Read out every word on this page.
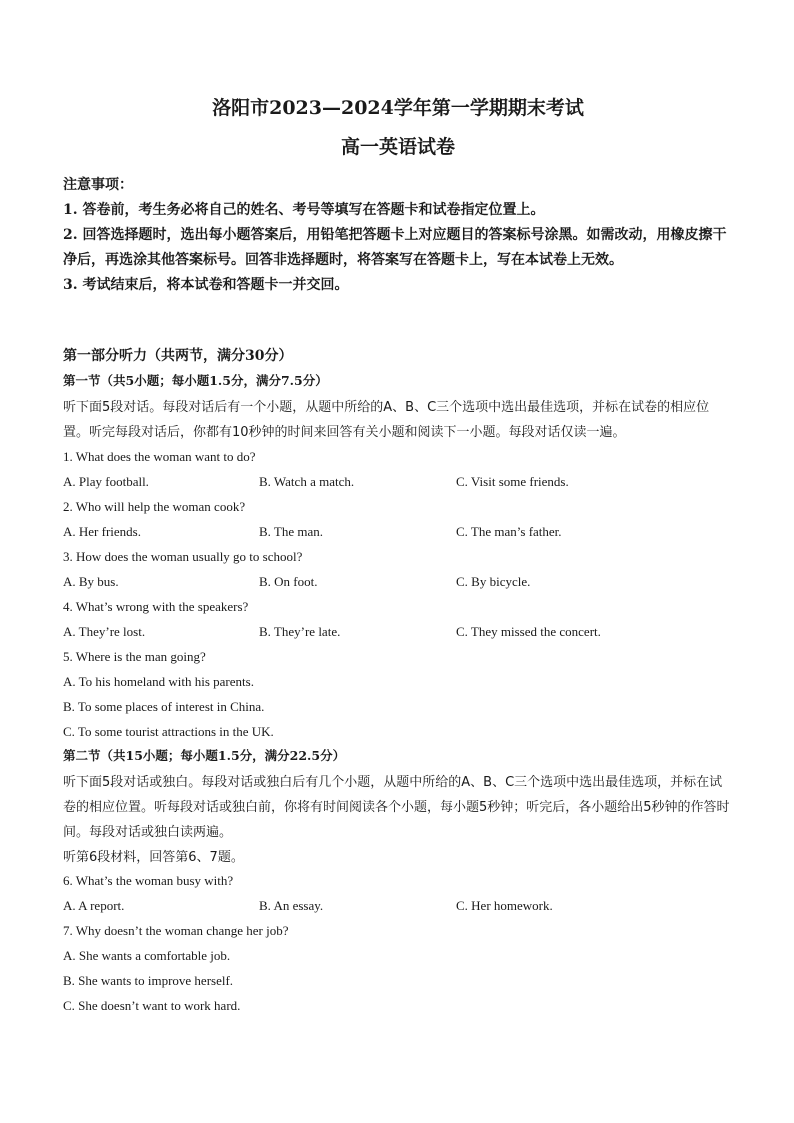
洛阳市2023—2024学年第一学期期末考试
高一英语试卷
注意事项：
1. 答卷前，考生务必将自己的姓名、考号等填写在答题卡和试卷指定位置上。
2. 回答选择题时，选出每小题答案后，用铅笔把答题卡上对应题目的答案标号涂黑。如需改动，用橡皮擦干净后，再选涂其他答案标号。回答非选择题时，将答案写在答题卡上，写在本试卷上无效。
3. 考试结束后，将本试卷和答题卡一并交回。
第一部分听力（共两节，满分30分）
第一节（共5小题；每小题1.5分，满分7.5分）
听下面5段对话。每段对话后有一个小题，从题中所给的A、B、C三个选项中选出最佳选项，并标在试卷的相应位置。听完每段对话后，你都有10秒钟的时间来回答有关小题和阅读下一小题。每段对话仅读一遍。
1. What does the woman want to do?
A. Play football.	B. Watch a match.	C. Visit some friends.
2. Who will help the woman cook?
A. Her friends.	B. The man.	C. The man’s father.
3. How does the woman usually go to school?
A. By bus.	B. On foot.	C. By bicycle.
4. What’s wrong with the speakers?
A. They’re lost.	B. They’re late.	C. They missed the concert.
5. Where is the man going?
A. To his homeland with his parents.
B. To some places of interest in China.
C. To some tourist attractions in the UK.
第二节（共15小题；每小题1.5分，满分22.5分）
听下面5段对话或独白。每段对话或独白后有几个小题，从题中所给的A、B、C三个选项中选出最佳选项，并标在试卷的相应位置。听每段对话或独白前，你将有时间阅读各个小题，每小题5秒钟；听完后，各小题给出5秒钟的作答时间。每段对话或独白读两遍。
听第6段材料，回答第6、7题。
6. What’s the woman busy with?
A. A report.	B. An essay.	C. Her homework.
7. Why doesn’t the woman change her job?
A. She wants a comfortable job.
B. She wants to improve herself.
C. She doesn’t want to work hard.
